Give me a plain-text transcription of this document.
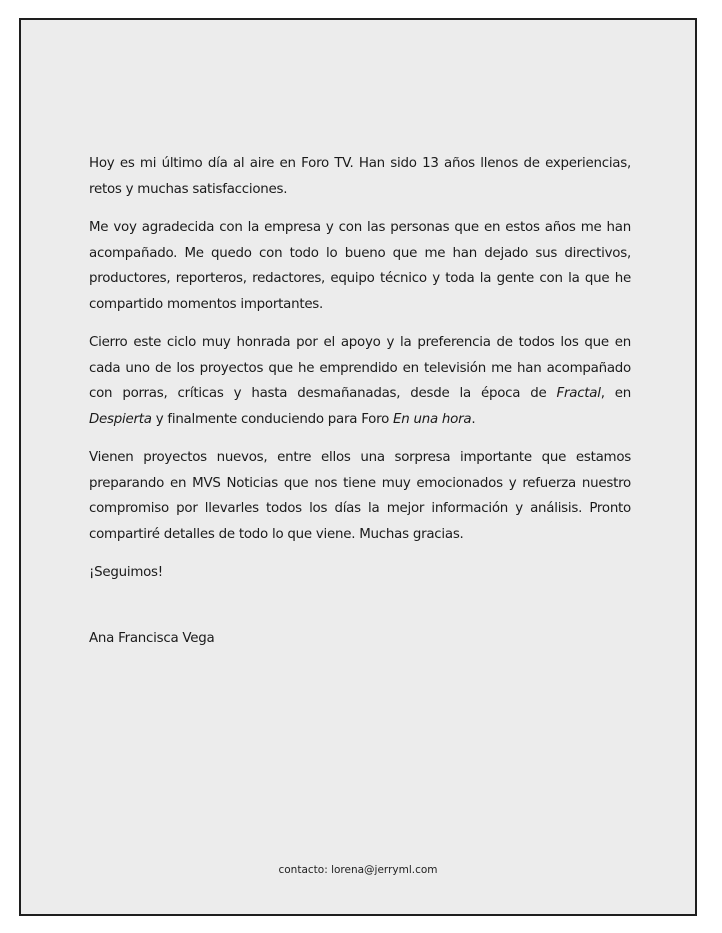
Hoy es mi último día al aire en Foro TV. Han sido 13 años llenos de experiencias, retos y muchas satisfacciones.

Me voy agradecida con la empresa y con las personas que en estos años me han acompañado. Me quedo con todo lo bueno que me han dejado sus directivos, productores, reporteros, redactores, equipo técnico y toda la gente con la que he compartido momentos importantes.

Cierro este ciclo muy honrada por el apoyo y la preferencia de todos los que en cada uno de los proyectos que he emprendido en televisión me han acompañado con porras, críticas y hasta desmañanadas, desde la época de Fractal, en Despierta y finalmente conduciendo para Foro En una hora.

Vienen proyectos nuevos, entre ellos una sorpresa importante que estamos preparando en MVS Noticias que nos tiene muy emocionados y refuerza nuestro compromiso por llevarles todos los días la mejor información y análisis. Pronto compartiré detalles de todo lo que viene. Muchas gracias.

¡Seguimos!

Ana Francisca Vega

contacto: lorena@jerryml.com
